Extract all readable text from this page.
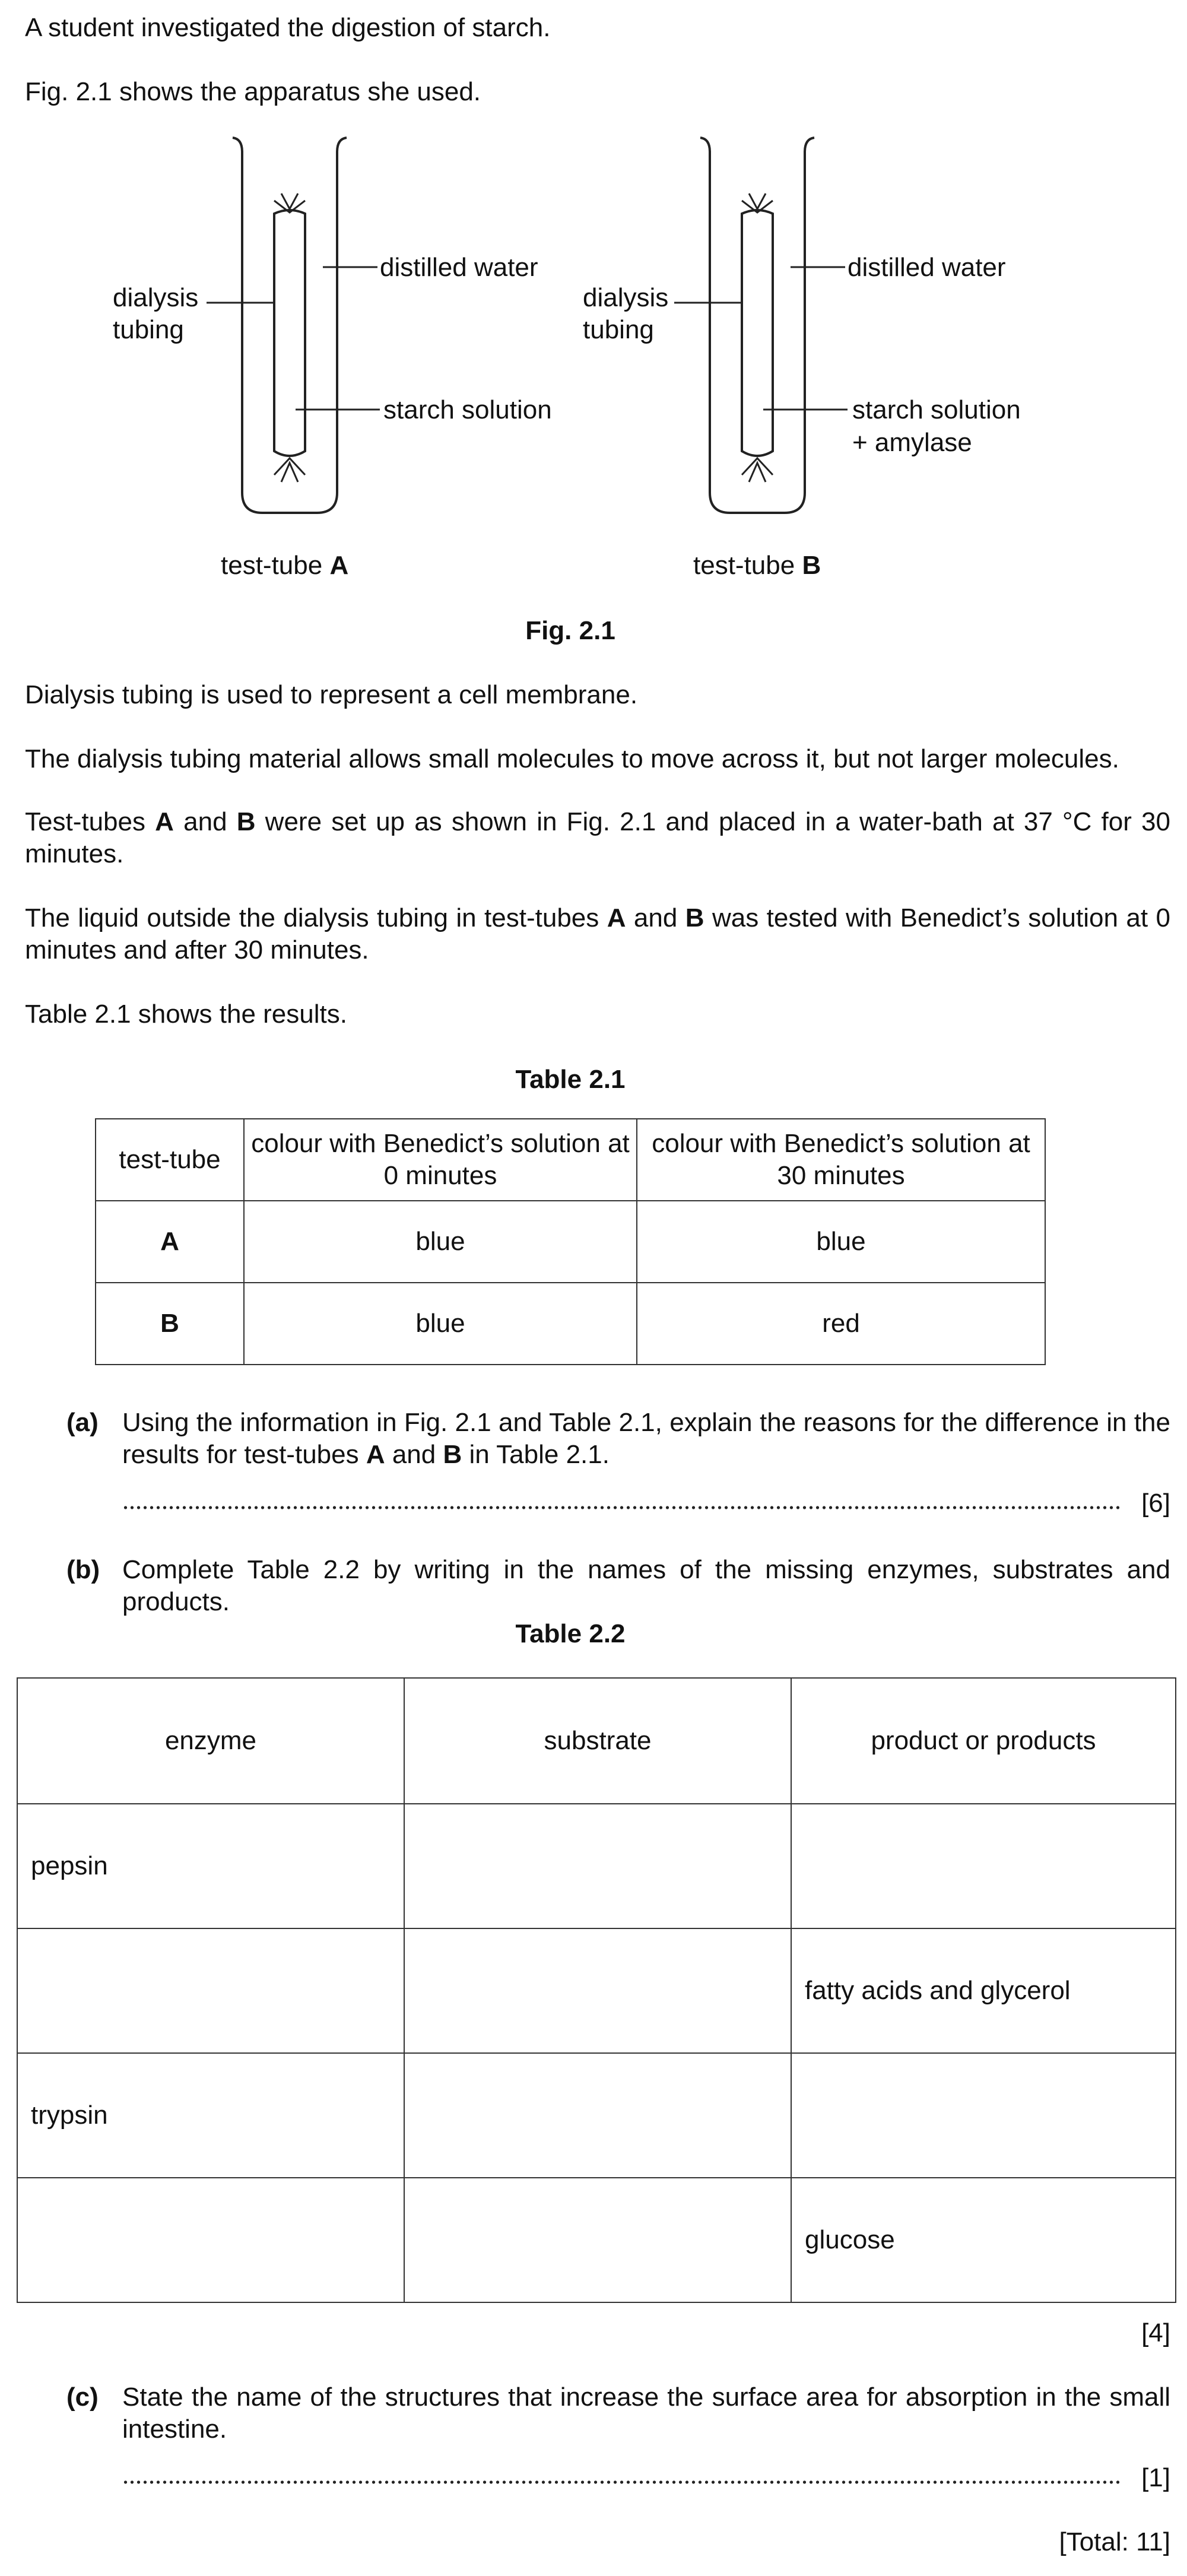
A student investigated the digestion of starch.
Fig. 2.1 shows the apparatus she used.
dialysis
tubing
distilled water
starch solution
test-tube A
dialysis
tubing
distilled water
starch solution
+ amylase
test-tube B
Fig. 2.1
Dialysis tubing is used to represent a cell membrane.
The dialysis tubing material allows small molecules to move across it, but not larger molecules.
Test-tubes A and B were set up as shown in Fig. 2.1 and placed in a water-bath at 37 °C for 30 minutes.
The liquid outside the dialysis tubing in test-tubes A and B was tested with Benedict’s solution at 0 minutes and after 30 minutes.
Table 2.1 shows the results.
Table 2.1
test-tube	colour with Benedict’s solution at 0 minutes	colour with Benedict’s solution at 30 minutes
A	blue	blue
B	blue	red
(a) Using the information in Fig. 2.1 and Table 2.1, explain the reasons for the difference in the results for test-tubes A and B in Table 2.1.
[6]
(b) Complete Table 2.2 by writing in the names of the missing enzymes, substrates and products.
Table 2.2
enzyme	substrate	product or products
pepsin		
		fatty acids and glycerol
trypsin		
		glucose
[4]
(c) State the name of the structures that increase the surface area for absorption in the small intestine.
[1]
[Total: 11]
